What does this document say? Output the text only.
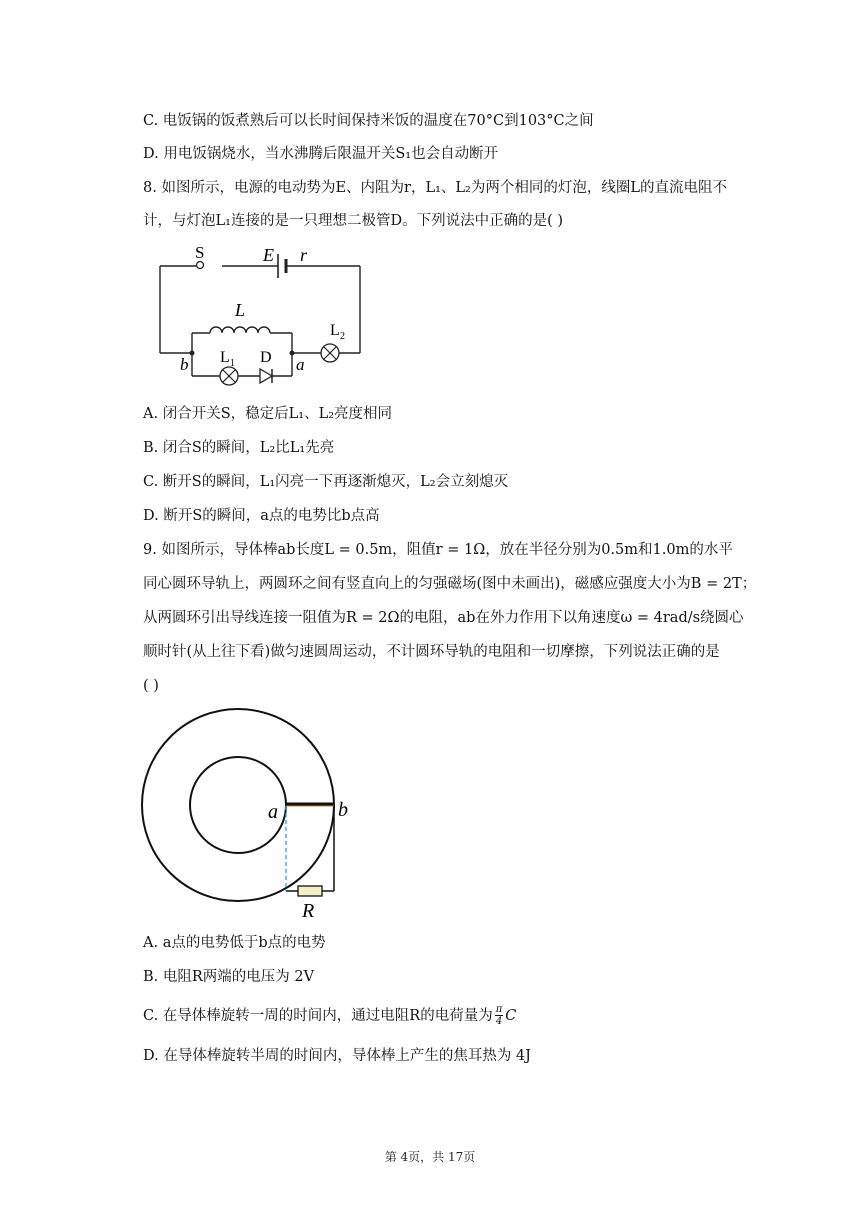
C. 电饭锅的饭煮熟后可以长时间保持米饭的温度在70°C到103°C之间
D. 用电饭锅烧水，当水沸腾后限温开关S₁也会自动断开
8. 如图所示，电源的电动势为E、内阻为r，L₁、L₂为两个相同的灯泡，线圈L的直流电阻不
计，与灯泡L₁连接的是一只理想二极管D。下列说法中正确的是( )
S	E r
L
L 2
L 1 D
b	a
A. 闭合开关S，稳定后L₁、L₂亮度相同
B. 闭合S的瞬间，L₂比L₁先亮
C. 断开S的瞬间，L₁闪亮一下再逐渐熄灭，L₂会立刻熄灭
D. 断开S的瞬间，a点的电势比b点高
9. 如图所示，导体棒ab长度L = 0.5m，阻值r = 1Ω，放在半径分别为0.5m和1.0m的水平
同心圆环导轨上，两圆环之间有竖直向上的匀强磁场(图中未画出)，磁感应强度大小为B = 2T；
从两圆环引出导线连接一阻值为R = 2Ω的电阻，ab在外力作用下以角速度ω = 4rad/s绕圆心
顺时针(从上往下看)做匀速圆周运动，不计圆环导轨的电阻和一切摩擦，下列说法正确的是
( )
a	b
R
A. a点的电势低于b点的电势
B. 电阻R两端的电压为 2V
C. 在导体棒旋转一周的时间内，通过电阻R的电荷量为 $\frac{\pi}{4}$ C
D. 在导体棒旋转半周的时间内，导体棒上产生的焦耳热为 4J
第 4页，共 17页
